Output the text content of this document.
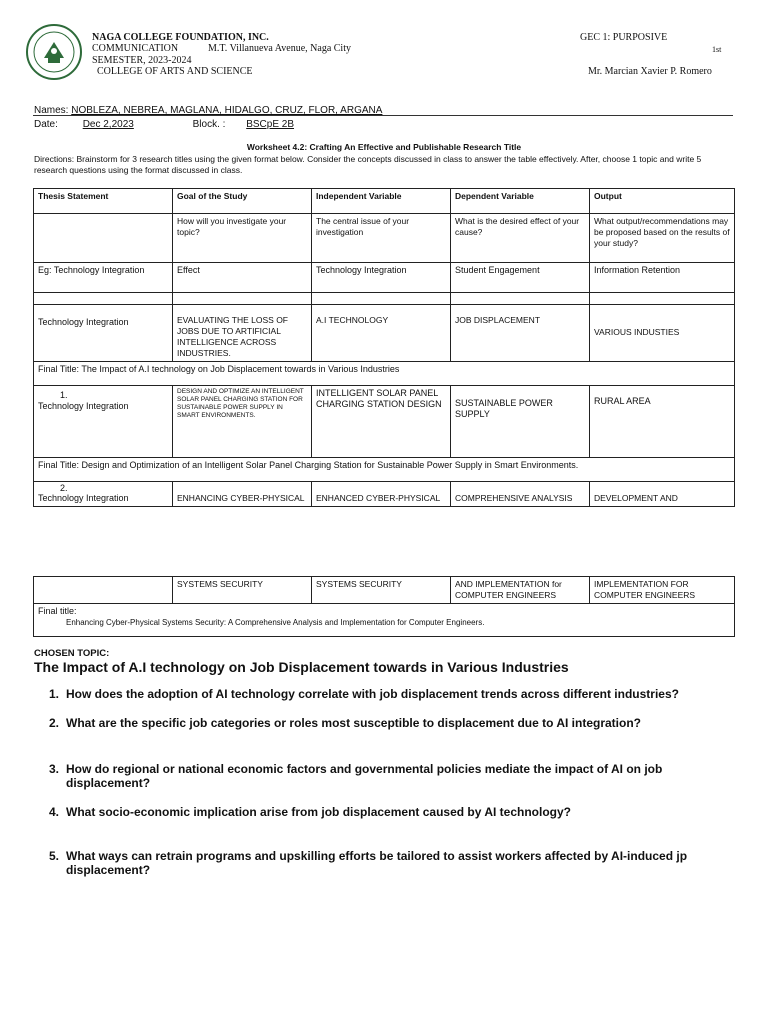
NAGA COLLEGE FOUNDATION, INC.
COMMUNICATION	M.T. Villanueva Avenue, Naga City
SEMESTER, 2023-2024
COLLEGE OF ARTS AND SCIENCE
GEC 1: PURPOSIVE
1st
Mr. Marcian Xavier P. Romero
Names: NOBLEZA, NEBREA, MAGLANA, HIDALGO, CRUZ, FLOR, ARGANA
Date: Dec 2,2023	Block. : BSCpE 2B
Worksheet 4.2: Crafting An Effective and Publishable Research Title
Directions: Brainstorm for 3 research titles using the given format below. Consider the concepts discussed in class to answer the table effectively. After, choose 1 topic and write 5 research questions using the format discussed in class.
Thesis Statement	Goal of the Study	Independent Variable	Dependent Variable	Output
	How will you investigate your topic?	The central issue of your investigation	What is the desired effect of your cause?	What output/recommendations may be proposed based on the results of your study?
Eg: Technology Integration	Effect	Technology Integration	Student Engagement	Information Retention

Technology Integration	EVALUATING THE LOSS OF JOBS DUE TO ARTIFICIAL INTELLIGENCE ACROSS INDUSTRIES.	A.I TECHNOLOGY	JOB DISPLACEMENT	VARIOUS INDUSTIES
Final Title: The Impact of A.I technology on Job Displacement towards in Various Industries				

1.
Technology Integration	DESIGN AND OPTIMIZE AN INTELLIGENT SOLAR PANEL CHARGING STATION FOR SUSTAINABLE POWER SUPPLY IN SMART ENVIRONMENTS.	INTELLIGENT SOLAR PANEL CHARGING STATION DESIGN	SUSTAINABLE POWER SUPPLY	RURAL AREA
Final Title: Design and Optimization of an Intelligent Solar Panel Charging Station for Sustainable Power Supply in Smart Environments.				

2.
Technology Integration	ENHANCING CYBER-PHYSICAL	ENHANCED CYBER-PHYSICAL	COMPREHENSIVE ANALYSIS	DEVELOPMENT AND
	SYSTEMS SECURITY	SYSTEMS SECURITY	AND IMPLEMENTATION for COMPUTER ENGINEERS	IMPLEMENTATION FOR COMPUTER ENGINEERS

Final title:
Enhancing Cyber-Physical Systems Security: A Comprehensive Analysis and Implementation for Computer Engineers.
CHOSEN TOPIC:
The Impact of A.I technology on Job Displacement towards in Various Industries
1. How does the adoption of AI technology correlate with job displacement trends across different industries?
2. What are the specific job categories or roles most susceptible to displacement due to AI integration?
3. How do regional or national economic factors and governmental policies mediate the impact of AI on job
displacement?
4. What socio-economic implication arise from job displacement caused by AI technology?
5. What ways can retrain programs and upskilling efforts be tailored to assist workers affected by AI-induced jp
displacement?
